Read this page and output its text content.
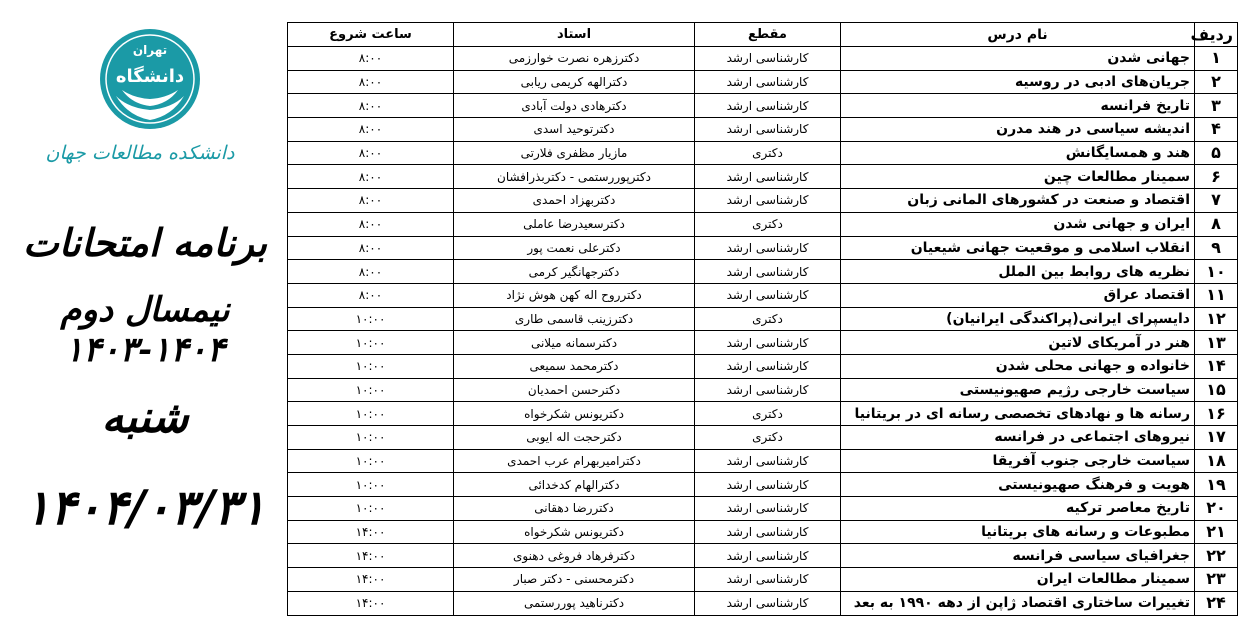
تهران
دانشگاه
دانشکده مطالعات جهان
برنامه امتحانات
نیمسال دوم ۱۴۰۴-۱۴۰۳
شنبه
۱۴۰۴/۰۳/۳۱
ردیف	نام درس	مقطع	استاد	ساعت شروع
۱	جهانی شدن	کارشناسی ارشد	دکترزهره نصرت خوارزمی	۸:۰۰
۲	جریان‌های ادبی در روسیه	کارشناسی ارشد	دکترالهه کریمی ریابی	۸:۰۰
۳	تاریخ فرانسه	کارشناسی ارشد	دکترهادی دولت آبادی	۸:۰۰
۴	اندیشه سیاسی در هند مدرن	کارشناسی ارشد	دکترتوحید اسدی	۸:۰۰
۵	هند و همسایگانش	دکتری	مازیار مظفری فلارتی	۸:۰۰
۶	سمینار مطالعات چین	کارشناسی ارشد	دکترپوررستمی - دکتربذرافشان	۸:۰۰
۷	اقتصاد و صنعت در کشورهای المانی زبان	کارشناسی ارشد	دکتربهزاد احمدی	۸:۰۰
۸	ایران و جهانی شدن	دکتری	دکترسعیدرضا عاملی	۸:۰۰
۹	انقلاب اسلامی و موقعیت جهانی شیعیان	کارشناسی ارشد	دکترعلی نعمت پور	۸:۰۰
۱۰	نظریه های روابط بین الملل	کارشناسی ارشد	دکترجهانگیر کرمی	۸:۰۰
۱۱	اقتصاد عراق	کارشناسی ارشد	دکترروح اله کهن هوش نژاد	۸:۰۰
۱۲	دایسپرای ایرانی(پراکندگی ایرانیان)	دکتری	دکترزینب قاسمی طاری	۱۰:۰۰
۱۳	هنر در آمریکای لاتین	کارشناسی ارشد	دکترسمانه میلانی	۱۰:۰۰
۱۴	خانواده و جهانی محلی شدن	کارشناسی ارشد	دکترمحمد سمیعی	۱۰:۰۰
۱۵	سیاست خارجی رژیم صهیونیستی	کارشناسی ارشد	دکترحسن احمدیان	۱۰:۰۰
۱۶	رسانه ها و نهادهای تخصصی رسانه ای در بریتانیا	دکتری	دکتریونس شکرخواه	۱۰:۰۰
۱۷	نیروهای اجتماعی در فرانسه	دکتری	دکترحجت اله ایوبی	۱۰:۰۰
۱۸	سیاست خارجی جنوب آفریقا	کارشناسی ارشد	دکترامیربهرام عرب احمدی	۱۰:۰۰
۱۹	هویت و فرهنگ صهیونیستی	کارشناسی ارشد	دکترالهام کدخدائی	۱۰:۰۰
۲۰	تاریخ معاصر ترکیه	کارشناسی ارشد	دکتررضا دهقانی	۱۰:۰۰
۲۱	مطبوعات و رسانه های بریتانیا	کارشناسی ارشد	دکتریونس شکرخواه	۱۴:۰۰
۲۲	جغرافیای سیاسی فرانسه	کارشناسی ارشد	دکترفرهاد فروغی دهنوی	۱۴:۰۰
۲۳	سمینار مطالعات ایران	کارشناسی ارشد	دکترمحسنی - دکتر صبار	۱۴:۰۰
۲۴	تغییرات ساختاری اقتصاد ژاپن از دهه ۱۹۹۰ به بعد	کارشناسی ارشد	دکترناهید پوررستمی	۱۴:۰۰
